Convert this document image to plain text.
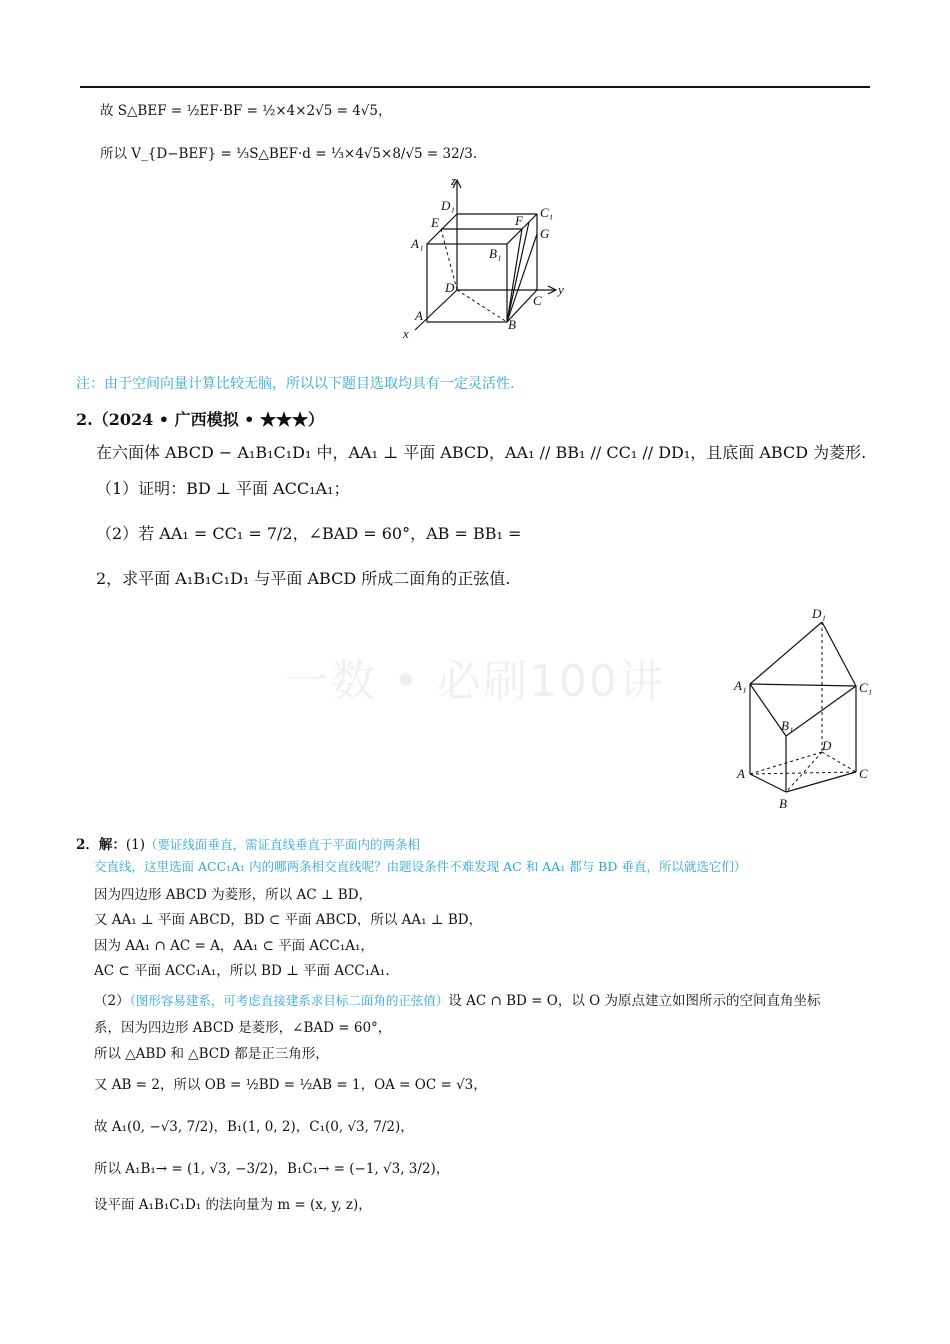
故 S△BEF = ½EF·BF = ½×4×2√5 = 4√5，
所以 V_{D−BEF} = ⅓S△BEF·d = ⅓×4√5×8/√5 = 32/3.
z
D₁	C₁
E	F
G
A₁
B₁
D
C
y
A
B
x
注：由于空间向量计算比较无脑，所以以下题目选取均具有一定灵活性.
2.（2024 • 广西模拟 • ★★★）
在六面体 ABCD − A₁B₁C₁D₁ 中，AA₁ ⊥ 平面 ABCD，AA₁ // BB₁ // CC₁ // DD₁，且底面 ABCD 为菱形.
（1）证明：BD ⊥ 平面 ACC₁A₁；
（2）若 AA₁ = CC₁ = 7/2，∠BAD = 60°，AB = BB₁ =
2，求平面 A₁B₁C₁D₁ 与平面 ABCD 所成二面角的正弦值.
一数 • 必刷100讲
D₁
A₁	C₁
B₁
D
A	C
B
2．解：(1)（要证线面垂直，需证直线垂直于平面内的两条相
交直线，这里选面 ACC₁A₁ 内的哪两条相交直线呢？由题设条件不难发现 AC 和 AA₁ 都与 BD 垂直，所以就选它们）
因为四边形 ABCD 为菱形，所以 AC ⊥ BD，
又 AA₁ ⊥ 平面 ABCD，BD ⊂ 平面 ABCD，所以 AA₁ ⊥ BD，
因为 AA₁ ∩ AC = A，AA₁ ⊂ 平面 ACC₁A₁，
AC ⊂ 平面 ACC₁A₁，所以 BD ⊥ 平面 ACC₁A₁.
（2）（图形容易建系，可考虑直接建系求目标二面角的正弦值）设 AC ∩ BD = O，以 O 为原点建立如图所示的空间直角坐标
系，因为四边形 ABCD 是菱形，∠BAD = 60°，
所以 △ABD 和 △BCD 都是正三角形，
又 AB = 2，所以 OB = ½BD = ½AB = 1，OA = OC = √3，
故 A₁(0, −√3, 7/2)，B₁(1, 0, 2)，C₁(0, √3, 7/2)，
所以 A₁B₁→ = (1, √3, −3/2)，B₁C₁→ = (−1, √3, 3/2)，
设平面 A₁B₁C₁D₁ 的法向量为 m = (x, y, z)，
